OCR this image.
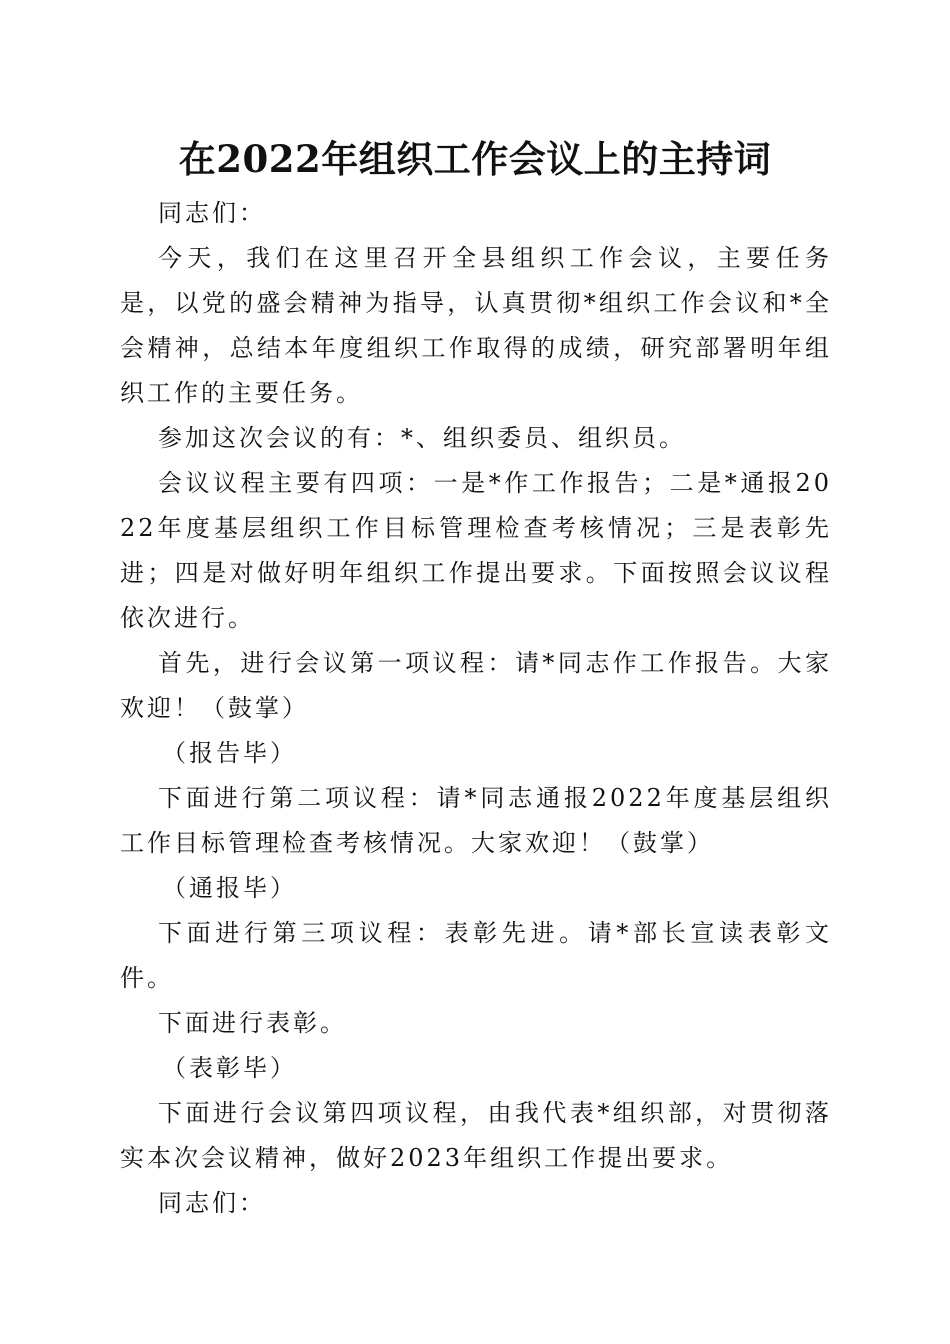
在2022年组织工作会议上的主持词

同志们：

今天，我们在这里召开全县组织工作会议，主要任务是，以党的盛会精神为指导，认真贯彻*组织工作会议和*全会精神，总结本年度组织工作取得的成绩，研究部署明年组织工作的主要任务。

参加这次会议的有：*、组织委员、组织员。

会议议程主要有四项：一是*作工作报告；二是*通报2022年度基层组织工作目标管理检查考核情况；三是表彰先进；四是对做好明年组织工作提出要求。下面按照会议议程依次进行。

首先，进行会议第一项议程：请*同志作工作报告。大家欢迎！（鼓掌）

（报告毕）

下面进行第二项议程：请*同志通报2022年度基层组织工作目标管理检查考核情况。大家欢迎！（鼓掌）

（通报毕）

下面进行第三项议程：表彰先进。请*部长宣读表彰文件。

下面进行表彰。

（表彰毕）

下面进行会议第四项议程，由我代表*组织部，对贯彻落实本次会议精神，做好2023年组织工作提出要求。

同志们：
